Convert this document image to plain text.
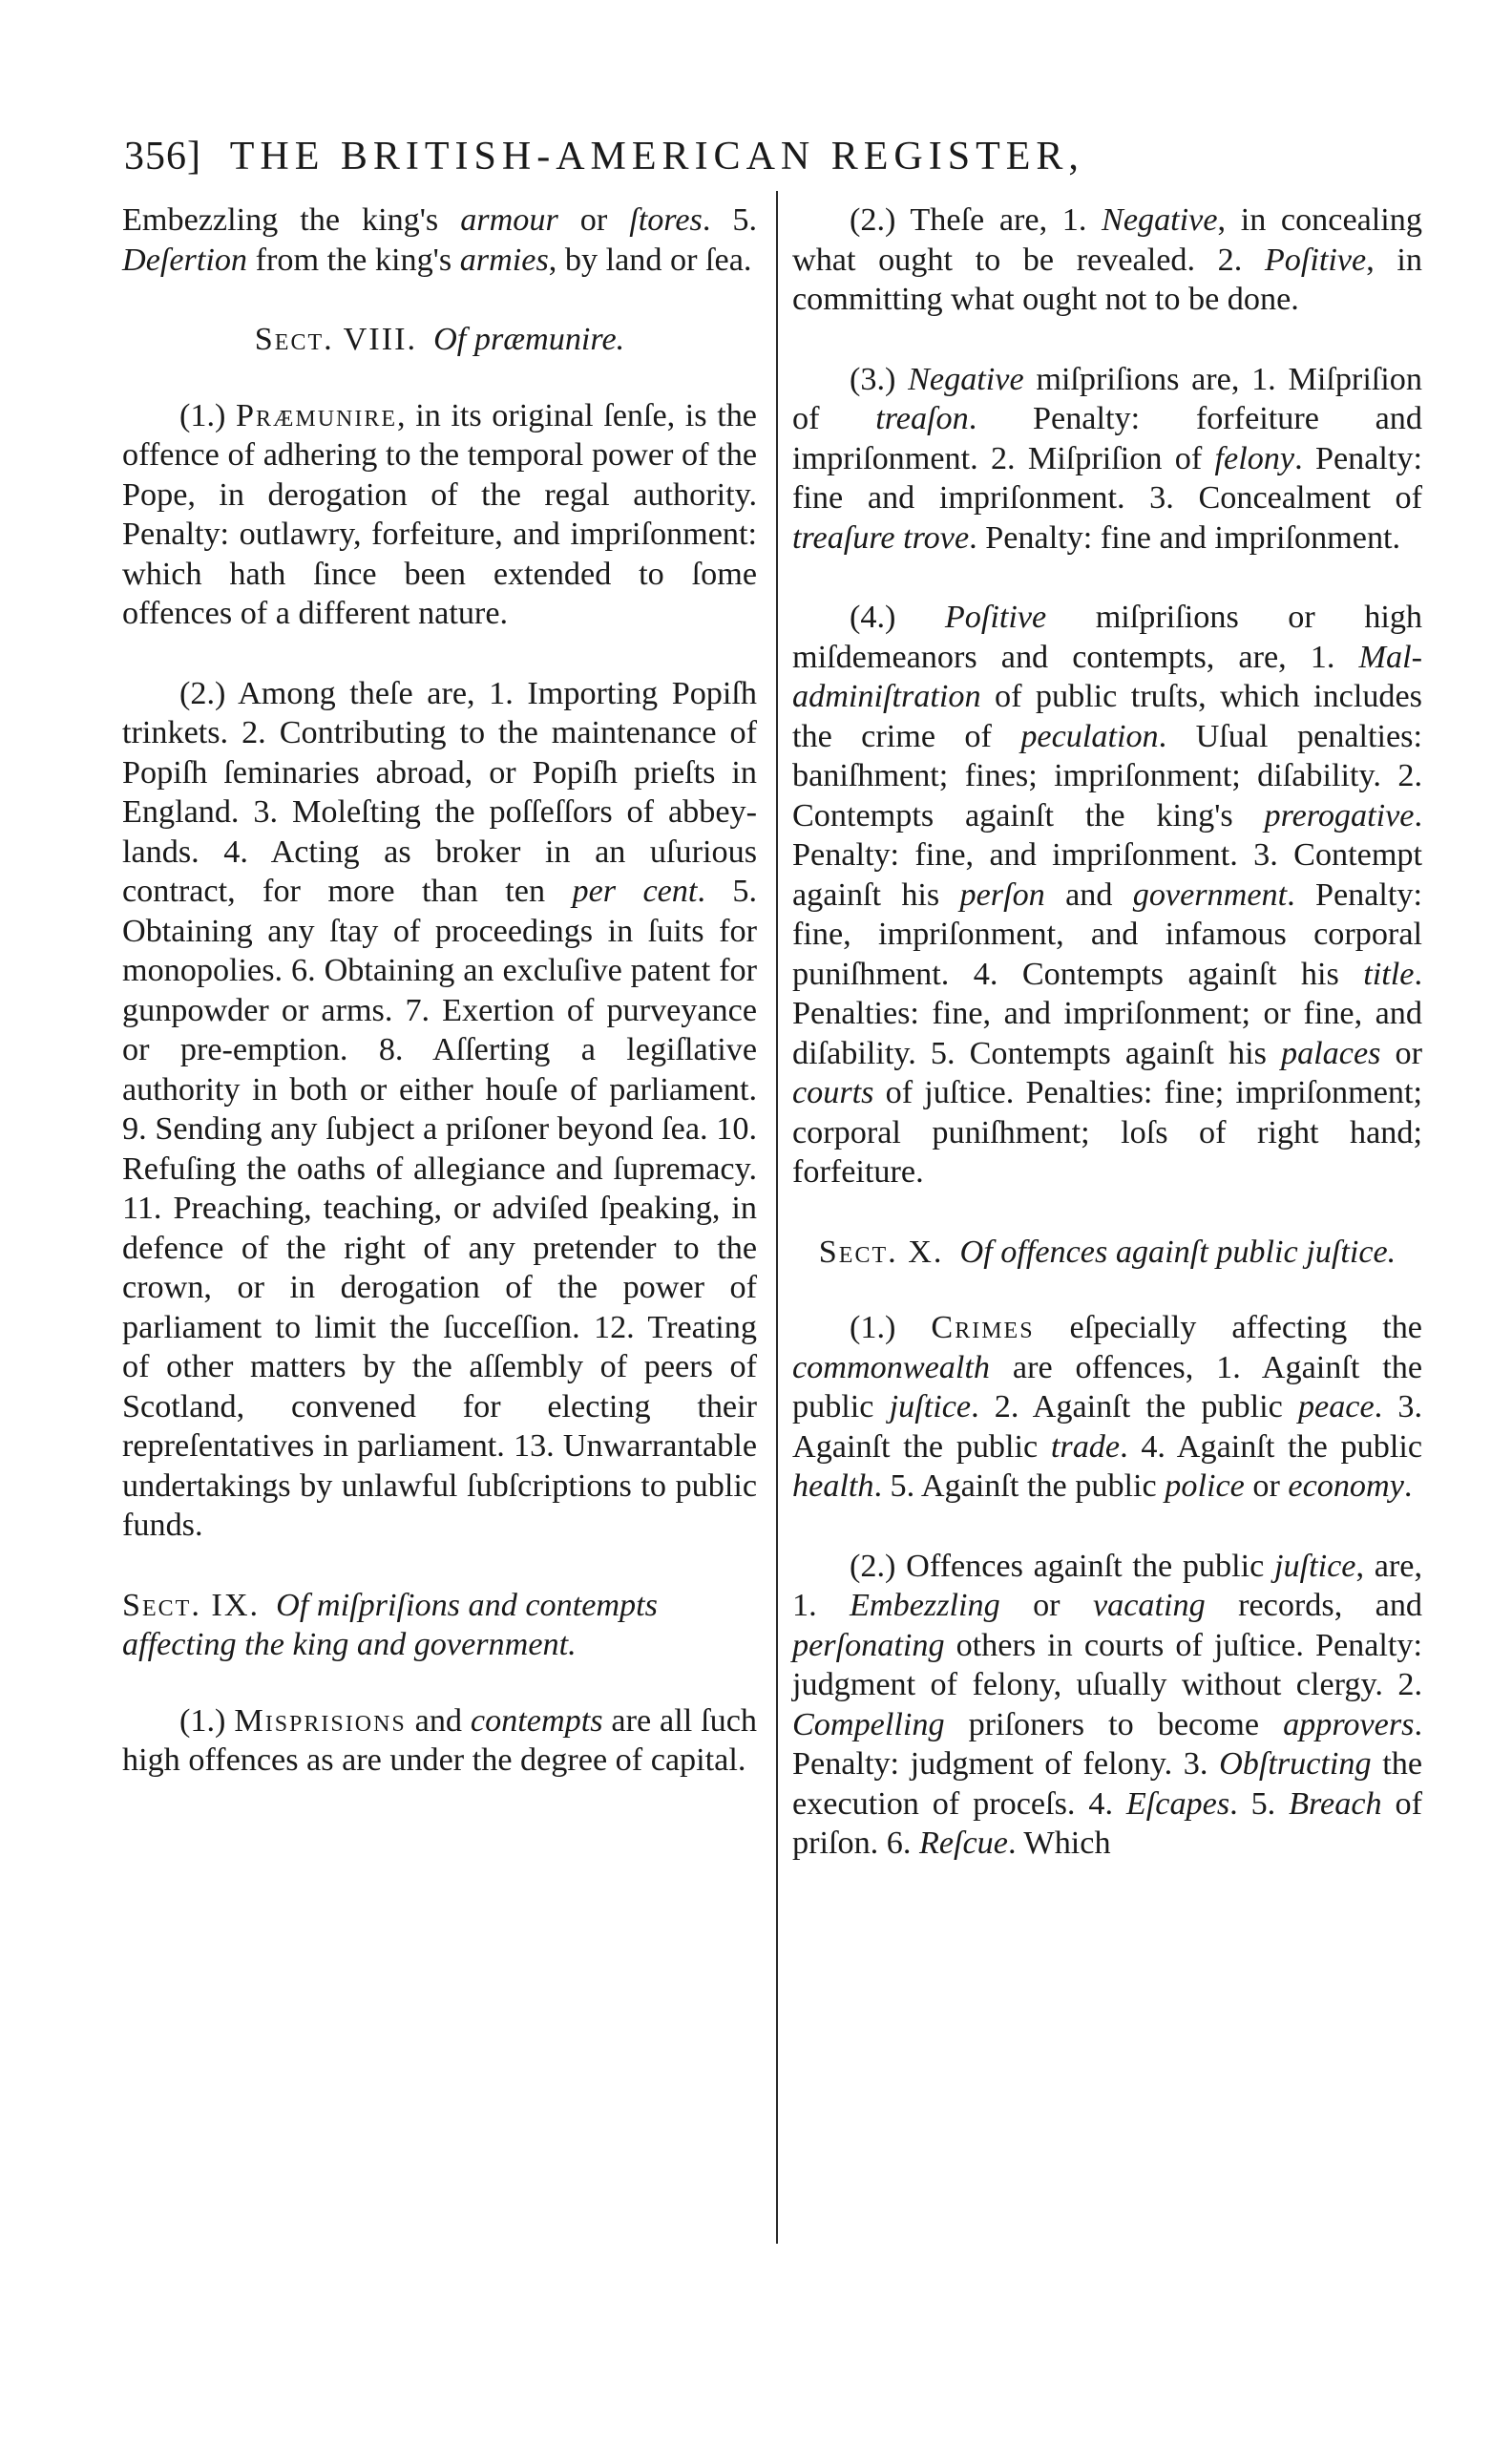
356] THE BRITISH-AMERICAN REGISTER,

Embezzling the king's armour or ſtores. 5. Deſertion from the king's armies, by land or ſea.

Sect. VIII. Of præmunire.

(1.) Præmunire, in its original ſenſe, is the offence of adhering to the temporal power of the Pope, in derogation of the regal authority. Penalty: outlawry, forfeiture, and impriſonment: which hath ſince been extended to ſome offences of a different nature.

(2.) Among theſe are, 1. Importing Popiſh trinkets. 2. Contributing to the maintenance of Popiſh ſeminaries abroad, or Popiſh prieſts in England. 3. Moleſting the poſſeſſors of abbey-lands. 4. Acting as broker in an uſurious contract, for more than ten per cent. 5. Obtaining any ſtay of proceedings in ſuits for monopolies. 6. Obtaining an excluſive patent for gunpowder or arms. 7. Exertion of purveyance or pre-emption. 8. Aſſerting a legiſlative authority in both or either houſe of parliament. 9. Sending any ſubject a priſoner beyond ſea. 10. Refuſing the oaths of allegiance and ſupremacy. 11. Preaching, teaching, or adviſed ſpeaking, in defence of the right of any pretender to the crown, or in derogation of the power of parliament to limit the ſucceſſion. 12. Treating of other matters by the aſſembly of peers of Scotland, convened for electing their repreſentatives in parliament. 13. Unwarrantable undertakings by unlawful ſubſcriptions to public funds.

Sect. IX. Of miſpriſions and contempts affecting the king and government.

(1.) Miſpriſions and contempts are all ſuch high offences as are under the degree of capital.

(2.) Theſe are, 1. Negative, in concealing what ought to be revealed. 2. Poſitive, in committing what ought not to be done.

(3.) Negative miſpriſions are, 1. Miſpriſion of treaſon. Penalty: forfeiture and impriſonment. 2. Miſpriſion of felony. Penalty: fine and impriſonment. 3. Concealment of treaſure trove. Penalty: fine and impriſonment.

(4.) Poſitive miſpriſions or high miſdemeanors and contempts, are, 1. Mal-adminiſtration of public truſts, which includes the crime of peculation. Uſual penalties: baniſhment; fines; impriſonment; diſability. 2. Contempts againſt the king's prerogative. Penalty: fine, and impriſonment. 3. Contempt againſt his perſon and government. Penalty: fine, impriſonment, and infamous corporal puniſhment. 4. Contempts againſt his title. Penalties: fine, and impriſonment; or fine, and diſability. 5. Contempts againſt his palaces or courts of juſtice. Penalties: fine; impriſonment; corporal puniſhment; loſs of right hand; forfeiture.

Sect. X. Of offences againſt public juſtice.

(1.) Crimes eſpecially affecting the commonwealth are offences, 1. Againſt the public juſtice. 2. Againſt the public peace. 3. Againſt the public trade. 4. Againſt the public health. 5. Againſt the public police or economy.

(2.) Offences againſt the public juſtice, are, 1. Embezzling or vacating records, and perſonating others in courts of juſtice. Penalty: judgment of felony, uſually without clergy. 2. Compelling priſoners to become approvers. Penalty: judgment of felony. 3. Obſtructing the execution of proceſs. 4. Eſcapes. 5. Breach of priſon. 6. Reſcue. Which
